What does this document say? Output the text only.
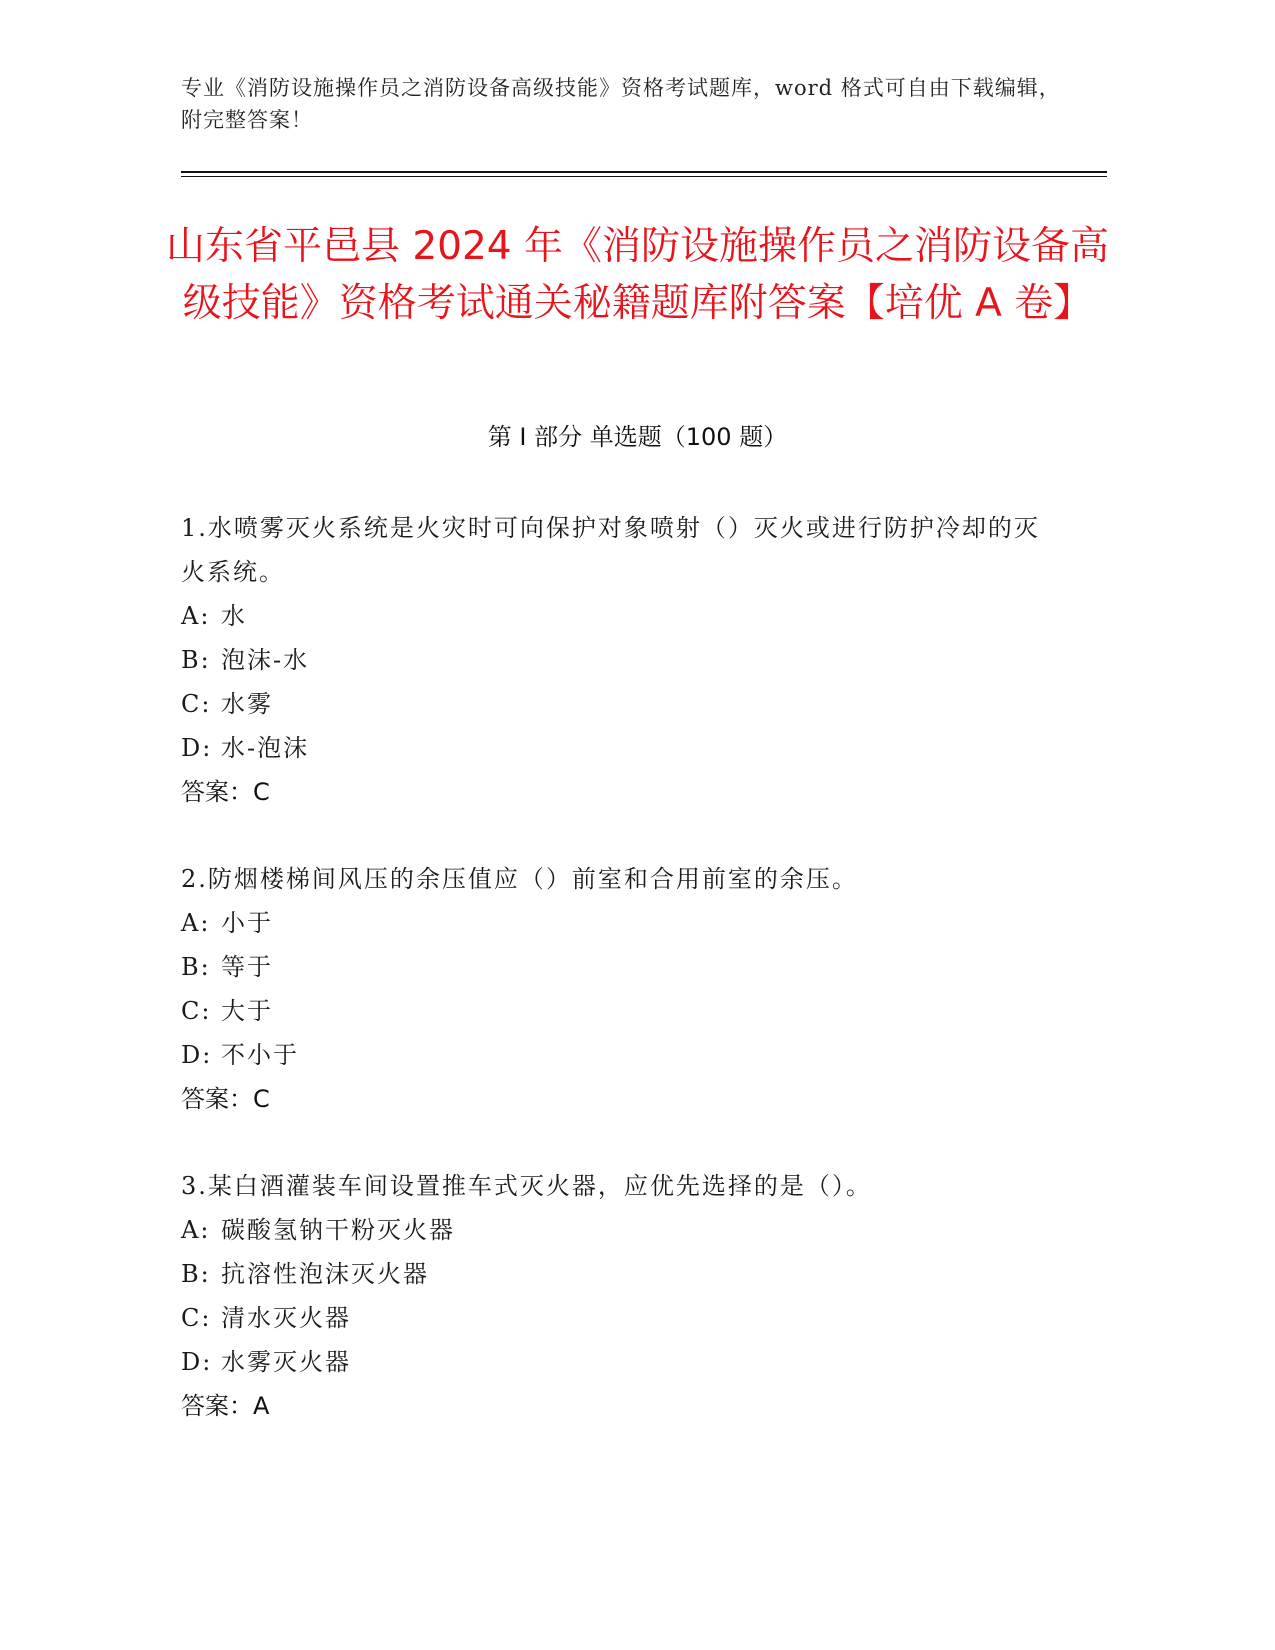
专业《消防设施操作员之消防设备高级技能》资格考试题库，word 格式可自由下载编辑，附完整答案！
山东省平邑县 2024 年《消防设施操作员之消防设备高级技能》资格考试通关秘籍题库附答案【培优 A 卷】
第 I 部分 单选题（100 题）
1.水喷雾灭火系统是火灾时可向保护对象喷射（）灭火或进行防护冷却的灭火系统。
A: 水
B: 泡沫-水
C: 水雾
D: 水-泡沫
答案：C
2.防烟楼梯间风压的余压值应（）前室和合用前室的余压。
A: 小于
B: 等于
C: 大于
D: 不小于
答案：C
3.某白酒灌装车间设置推车式灭火器，应优先选择的是（）。
A: 碳酸氢钠干粉灭火器
B: 抗溶性泡沫灭火器
C: 清水灭火器
D: 水雾灭火器
答案：A
